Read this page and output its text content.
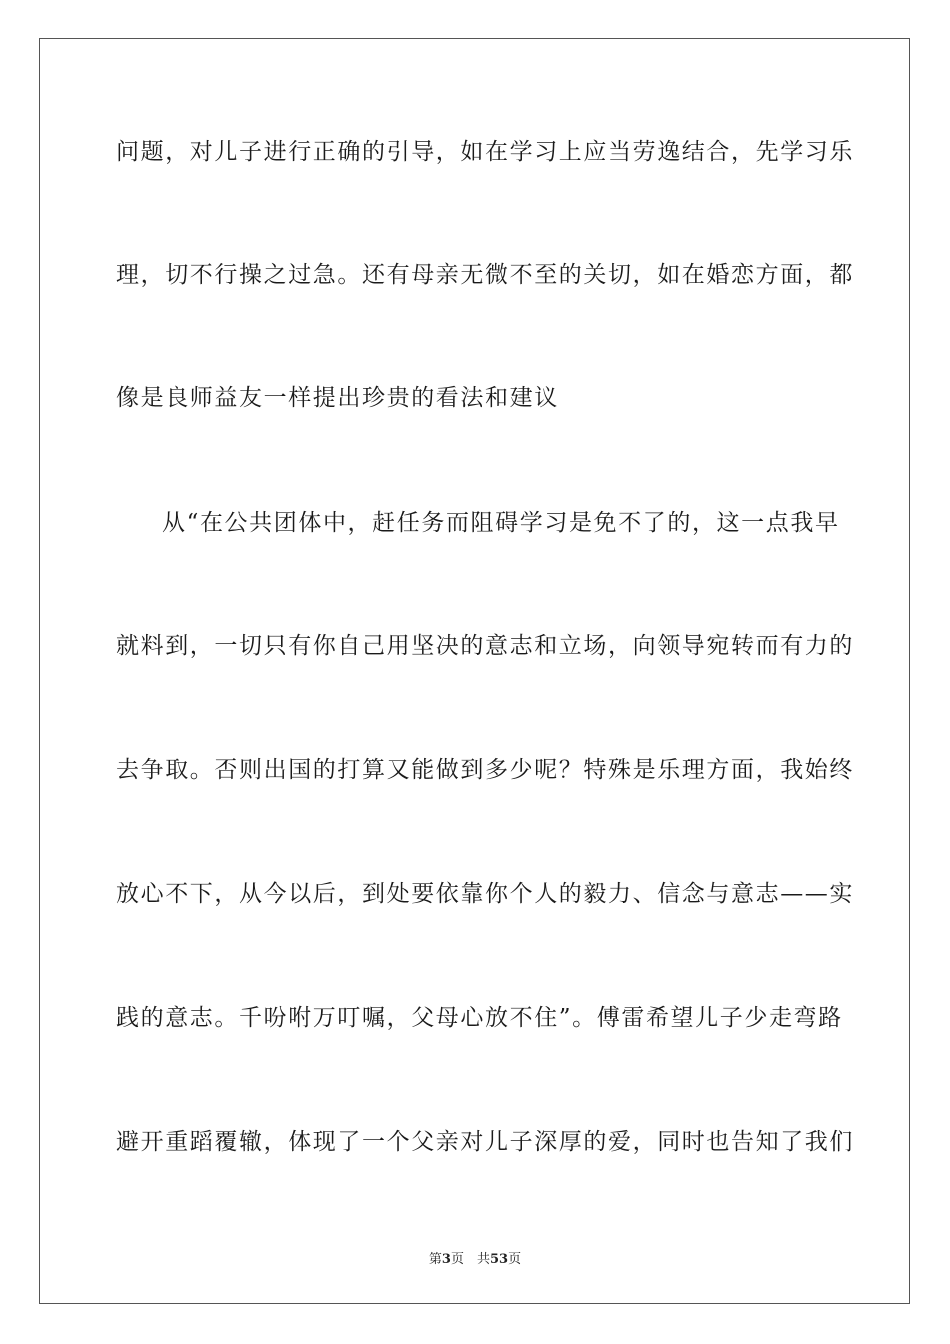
问题，对儿子进行正确的引导，如在学习上应当劳逸结合，先学习乐
理，切不行操之过急。还有母亲无微不至的关切，如在婚恋方面，都
像是良师益友一样提出珍贵的看法和建议
从“在公共团体中，赶任务而阻碍学习是免不了的，这一点我早
就料到，一切只有你自己用坚决的意志和立场，向领导宛转而有力的
去争取。否则出国的打算又能做到多少呢？特殊是乐理方面，我始终
放心不下，从今以后，到处要依靠你个人的毅力、信念与意志——实
践的意志。千吩咐万叮嘱，父母心放不住”。傅雷希望儿子少走弯路
避开重蹈覆辙，体现了一个父亲对儿子深厚的爱，同时也告知了我们
第3页　共53页
